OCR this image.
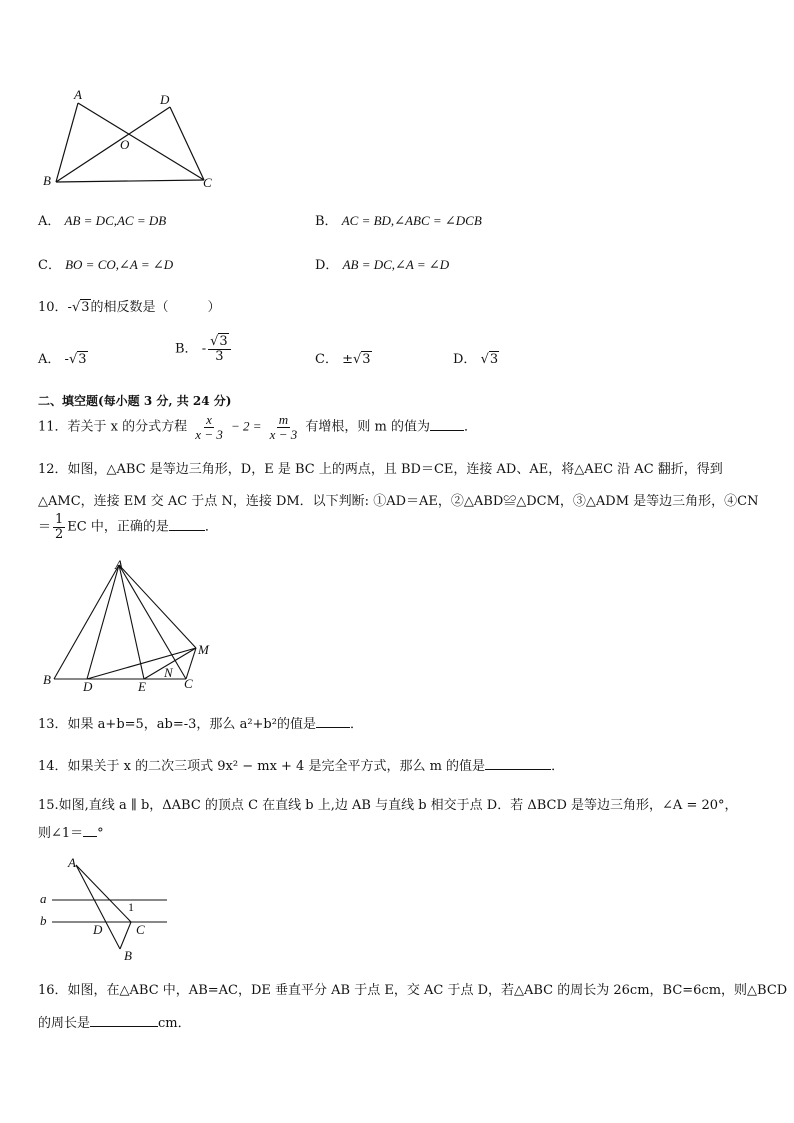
A	D
O
B	C
A． AB = DC,AC = DB	B． AC = BD,∠ABC = ∠DCB
C． BO = CO,∠A = ∠D	D． AB = DC,∠A = ∠D
10．-√3的相反数是（　　　）
A． -√3
B． - $\frac{√3}{3}$	C． ±√3	D． √3
二、填空题(每小题 3 分, 共 24 分)
11．若关于 x 的分式方程 $\frac{x}{x - 3} - 2 = \frac{m}{x - 3}$ 有增根，则 m 的值为	．
12．如图，△ABC 是等边三角形，D，E 是 BC 上的两点，且 BD＝CE，连接 AD、AE，将△AEC 沿 AC 翻折，得到
△AMC，连接 EM 交 AC 于点 N，连接 DM．以下判断: ①AD＝AE，②△ABD≌△DCM，③△ADM 是等边三角形，④CN
＝ $\frac{1}{2}$ EC 中，正确的是	．
A
M
N
B D	E	C
13．如果 a+b=5，ab=-3，那么 a²+b²的值是	．
14．如果关于 x 的二次三项式 9x² − mx + 4 是完全平方式，那么 m 的值是	．
15.如图,直线 a ∥ b，ΔABC 的顶点 C 在直线 b 上,边 AB 与直线 b 相交于点 D．若 ΔBCD 是等边三角形，∠A = 20°，
则∠1＝ °
A
a
1
b
D	C
B
16．如图，在△ABC 中，AB=AC，DE 垂直平分 AB 于点 E，交 AC 于点 D，若△ABC 的周长为 26cm，BC=6cm，则△BCD
的周长是	cm．
